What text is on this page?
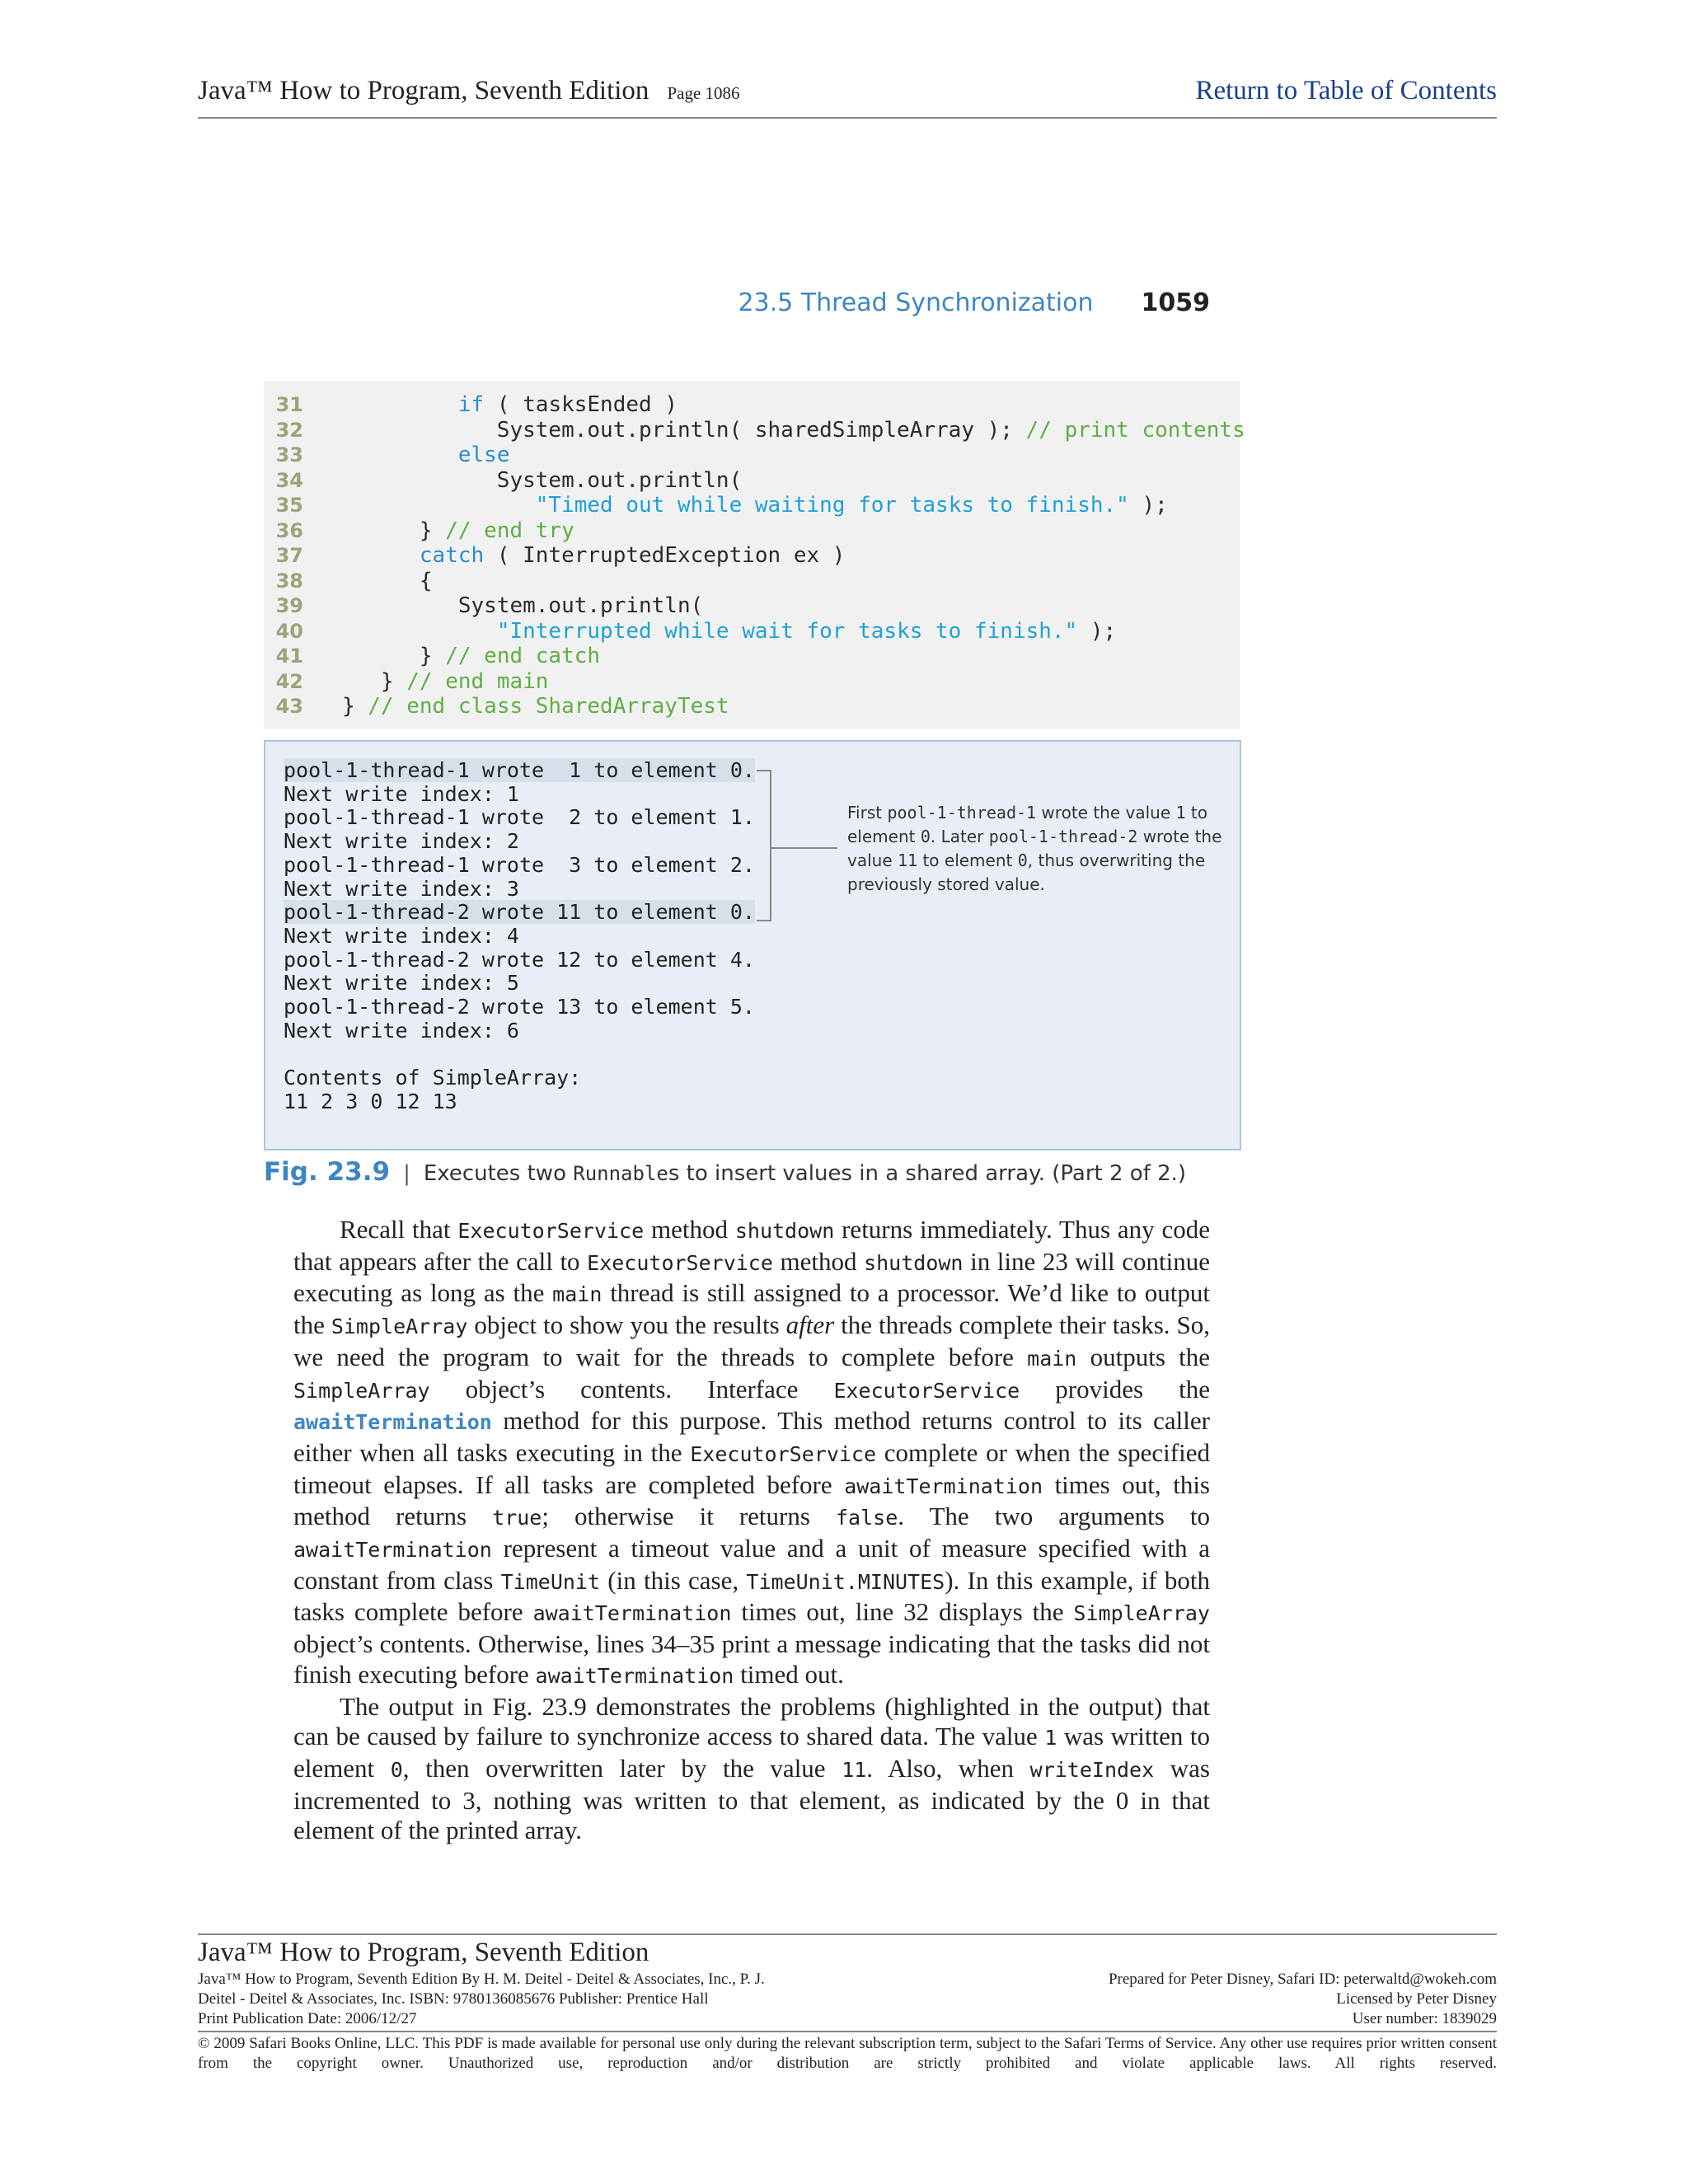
Java™ How to Program, Seventh Edition Page 1086	Return to Table of Contents
23.5 Thread Synchronization 1059
31	if ( tasksEnded )
32               System.out.println( sharedSimpleArray ); // print contents
33	else
34               System.out.println(
35	"Timed out while waiting for tasks to finish." );
36         } // end try
37	catch ( InterruptedException ex )
38         {
39            System.out.println(
40	"Interrupted while wait for tasks to finish." );
41         } // end catch
42      } // end main
43 } // end class SharedArrayTest
pool-1-thread-1 wrote  1 to element 0.
Next write index: 1
pool-1-thread-1 wrote  2 to element 1.
Next write index: 2
pool-1-thread-1 wrote  3 to element 2.
Next write index: 3
pool-1-thread-2 wrote 11 to element 0.
Next write index: 4
pool-1-thread-2 wrote 12 to element 4.
Next write index: 5
pool-1-thread-2 wrote 13 to element 5.
Next write index: 6
Contents of SimpleArray:
11 2 3 0 12 13
First pool-1-thread-1 wrote the value 1 to element 0. Later pool-1-thread-2 wrote the value 11 to element 0, thus overwriting the previously stored value.
Fig. 23.9 | Executes two Runnables to insert values in a shared array. (Part 2 of 2.)

Recall that ExecutorService method shutdown returns immediately. Thus any code that appears after the call to ExecutorService method shutdown in line 23 will continue executing as long as the main thread is still assigned to a processor. We’d like to output the SimpleArray object to show you the results after the threads complete their tasks. So, we need the program to wait for the threads to complete before main outputs the SimpleArray object’s contents. Interface ExecutorService provides the awaitTermination method for this purpose. This method returns control to its caller either when all tasks executing in the ExecutorService complete or when the specified timeout elapses. If all tasks are completed before awaitTermination times out, this method returns true; otherwise it returns false. The two arguments to awaitTermination represent a timeout value and a unit of measure specified with a constant from class TimeUnit (in this case, TimeUnit.MINUTES). In this example, if both tasks complete before awaitTermination times out, line 32 displays the SimpleArray object’s contents. Otherwise, lines 34–35 print a message indicating that the tasks did not finish executing before awaitTermination timed out.

The output in Fig. 23.9 demonstrates the problems (highlighted in the output) that can be caused by failure to synchronize access to shared data. The value 1 was written to element 0, then overwritten later by the value 11. Also, when writeIndex was incremented to 3, nothing was written to that element, as indicated by the 0 in that element of the printed array.

Java™ How to Program, Seventh Edition
Java™ How to Program, Seventh Edition By H. M. Deitel - Deitel & Associates, Inc., P. J.	Prepared for Peter Disney, Safari ID: peterwaltd@wokeh.com
Deitel - Deitel & Associates, Inc. ISBN: 9780136085676 Publisher: Prentice Hall	Licensed by Peter Disney
Print Publication Date: 2006/12/27	User number: 1839029
© 2009 Safari Books Online, LLC. This PDF is made available for personal use only during the relevant subscription term, subject to the Safari Terms of Service. Any other use requires prior written consent from the copyright owner. Unauthorized use, reproduction and/or distribution are strictly prohibited and violate applicable laws. All rights reserved.
